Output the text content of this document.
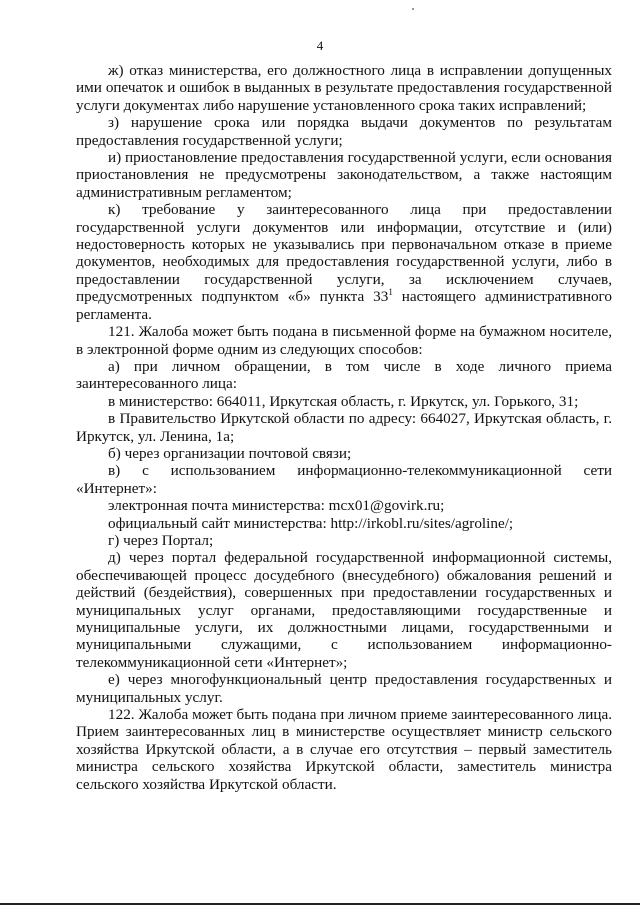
4

ж) отказ министерства, его должностного лица в исправлении допущенных ими опечаток и ошибок в выданных в результате предоставления государственной услуги документах либо нарушение установленного срока таких исправлений;

з) нарушение срока или порядка выдачи документов по результатам предоставления государственной услуги;

и) приостановление предоставления государственной услуги, если основания приостановления не предусмотрены законодательством, а также настоящим административным регламентом;

к) требование у заинтересованного лица при предоставлении государственной услуги документов или информации, отсутствие и (или) недостоверность которых не указывались при первоначальном отказе в приеме документов, необходимых для предоставления государственной услуги, либо в предоставлении государственной услуги, за исключением случаев, предусмотренных подпунктом «б» пункта $33^1$ настоящего административного регламента.

121. Жалоба может быть подана в письменной форме на бумажном носителе, в электронной форме одним из следующих способов:

а) при личном обращении, в том числе в ходе личного приема заинтересованного лица:

в министерство: 664011, Иркутская область, г. Иркутск, ул. Горького, 31;

в Правительство Иркутской области по адресу: 664027, Иркутская область, г. Иркутск, ул. Ленина, 1а;

б) через организации почтовой связи;

в) с использованием информационно-телекоммуникационной сети «Интернет»:

электронная почта министерства: mcx01@govirk.ru;

официальный сайт министерства: http://irkobl.ru/sites/agroline/;

г) через Портал;

д) через портал федеральной государственной информационной системы, обеспечивающей процесс досудебного (внесудебного) обжалования решений и действий (бездействия), совершенных при предоставлении государственных и муниципальных услуг органами, предоставляющими государственные и муниципальные услуги, их должностными лицами, государственными и муниципальными служащими, с использованием информационно-телекоммуникационной сети «Интернет»;

е) через многофункциональный центр предоставления государственных и муниципальных услуг.

122. Жалоба может быть подана при личном приеме заинтересованного лица. Прием заинтересованных лиц в министерстве осуществляет министр сельского хозяйства Иркутской области, а в случае его отсутствия – первый заместитель министра сельского хозяйства Иркутской области, заместитель министра сельского хозяйства Иркутской области.
